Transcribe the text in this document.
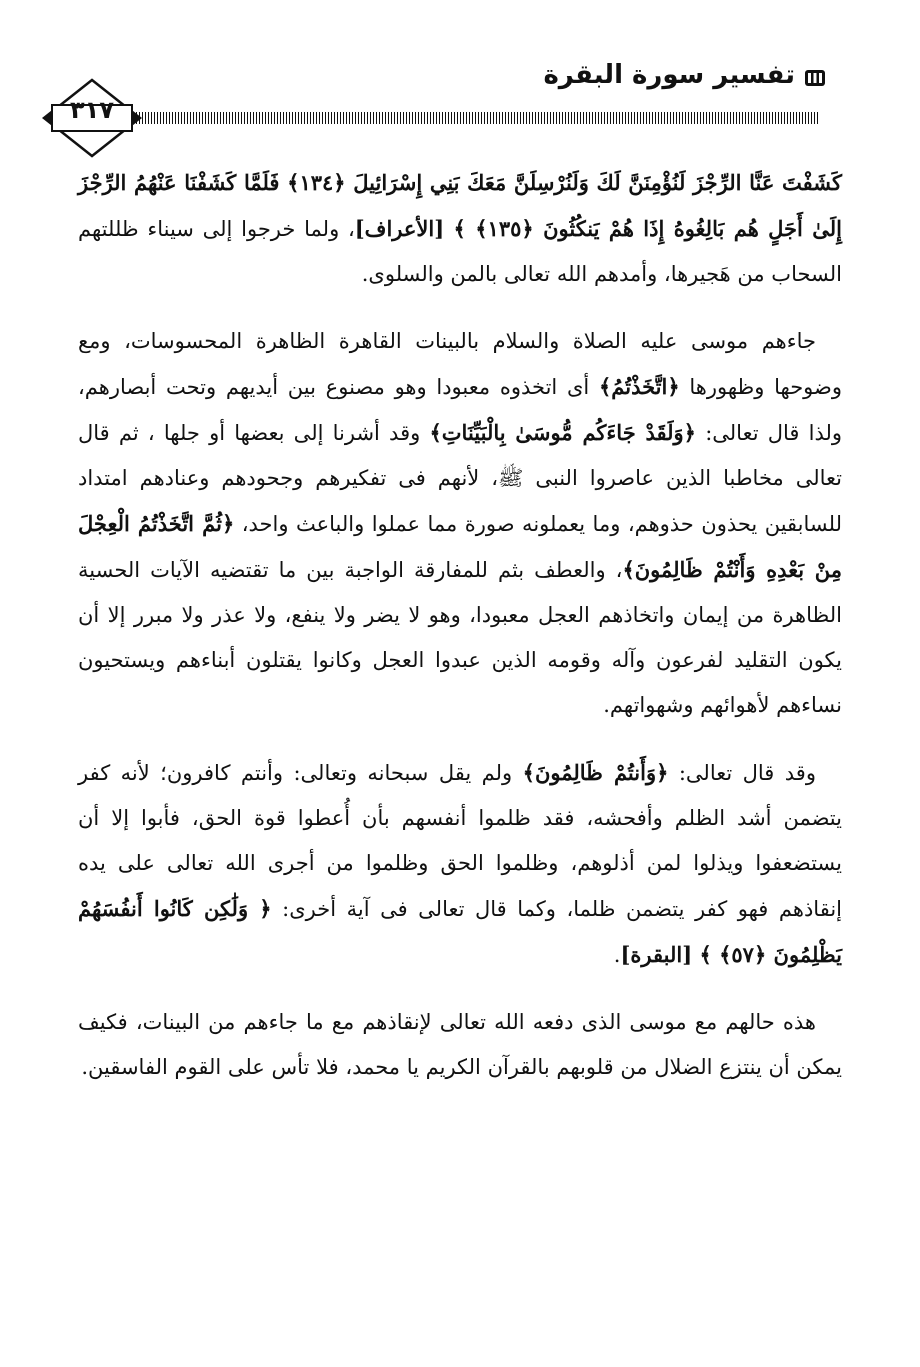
تفسير سورة البقرة
٣١٧

كَشَفْتَ عَنَّا الرِّجْزَ لَنُؤْمِنَنَّ لَكَ وَلَنُرْسِلَنَّ مَعَكَ بَنِي إِسْرَائِيلَ ﴿١٣٤﴾ فَلَمَّا كَشَفْنَا عَنْهُمُ الرِّجْزَ إِلَىٰ أَجَلٍ هُم بَالِغُوهُ إِذَا هُمْ يَنكُثُونَ ﴿١٣٥﴾ ﴾ [الأعراف]، ولما خرجوا إلى سيناء ظللتهم السحاب من هَجيرها، وأمدهم الله تعالى بالمن والسلوى.

جاءهم موسى عليه الصلاة والسلام بالبينات القاهرة الظاهرة المحسوسات، ومع وضوحها وظهورها ﴿اتَّخَذْتُمُ﴾ أى اتخذوه معبودا وهو مصنوع بين أيديهم وتحت أبصارهم، ولذا قال تعالى: ﴿وَلَقَدْ جَاءَكُم مُّوسَىٰ بِالْبَيِّنَاتِ﴾ وقد أشرنا إلى بعضها أو جلها ، ثم قال تعالى مخاطبا الذين عاصروا النبى ﷺ، لأنهم فى تفكيرهم وجحودهم وعنادهم امتداد للسابقين يحذون حذوهم، وما يعملونه صورة مما عملوا والباعث واحد، ﴿ثُمَّ اتَّخَذْتُمُ الْعِجْلَ مِنْ بَعْدِهِ وَأَنْتُمْ ظَالِمُونَ﴾، والعطف بثم للمفارقة الواجبة بين ما تقتضيه الآيات الحسية الظاهرة من إيمان واتخاذهم العجل معبودا، وهو لا يضر ولا ينفع، ولا عذر ولا مبرر إلا أن يكون التقليد لفرعون وآله وقومه الذين عبدوا العجل وكانوا يقتلون أبناءهم ويستحيون نساءهم لأهوائهم وشهواتهم.

وقد قال تعالى: ﴿وَأَنتُمْ ظَالِمُونَ﴾ ولم يقل سبحانه وتعالى: وأنتم كافرون؛ لأنه كفر يتضمن أشد الظلم وأفحشه، فقد ظلموا أنفسهم بأن أُعطوا قوة الحق، فأبوا إلا أن يستضعفوا ويذلوا لمن أذلوهم، وظلموا الحق وظلموا من أجرى الله تعالى على يده إنقاذهم فهو كفر يتضمن ظلما، وكما قال تعالى فى آية أخرى: ﴿ وَلَٰكِن كَانُوا أَنفُسَهُمْ يَظْلِمُونَ ﴿٥٧﴾ ﴾ [البقرة].

هذه حالهم مع موسى الذى دفعه الله تعالى لإنقاذهم مع ما جاءهم من البينات، فكيف يمكن أن ينتزع الضلال من قلوبهم بالقرآن الكريم يا محمد، فلا تأس على القوم الفاسقين.
